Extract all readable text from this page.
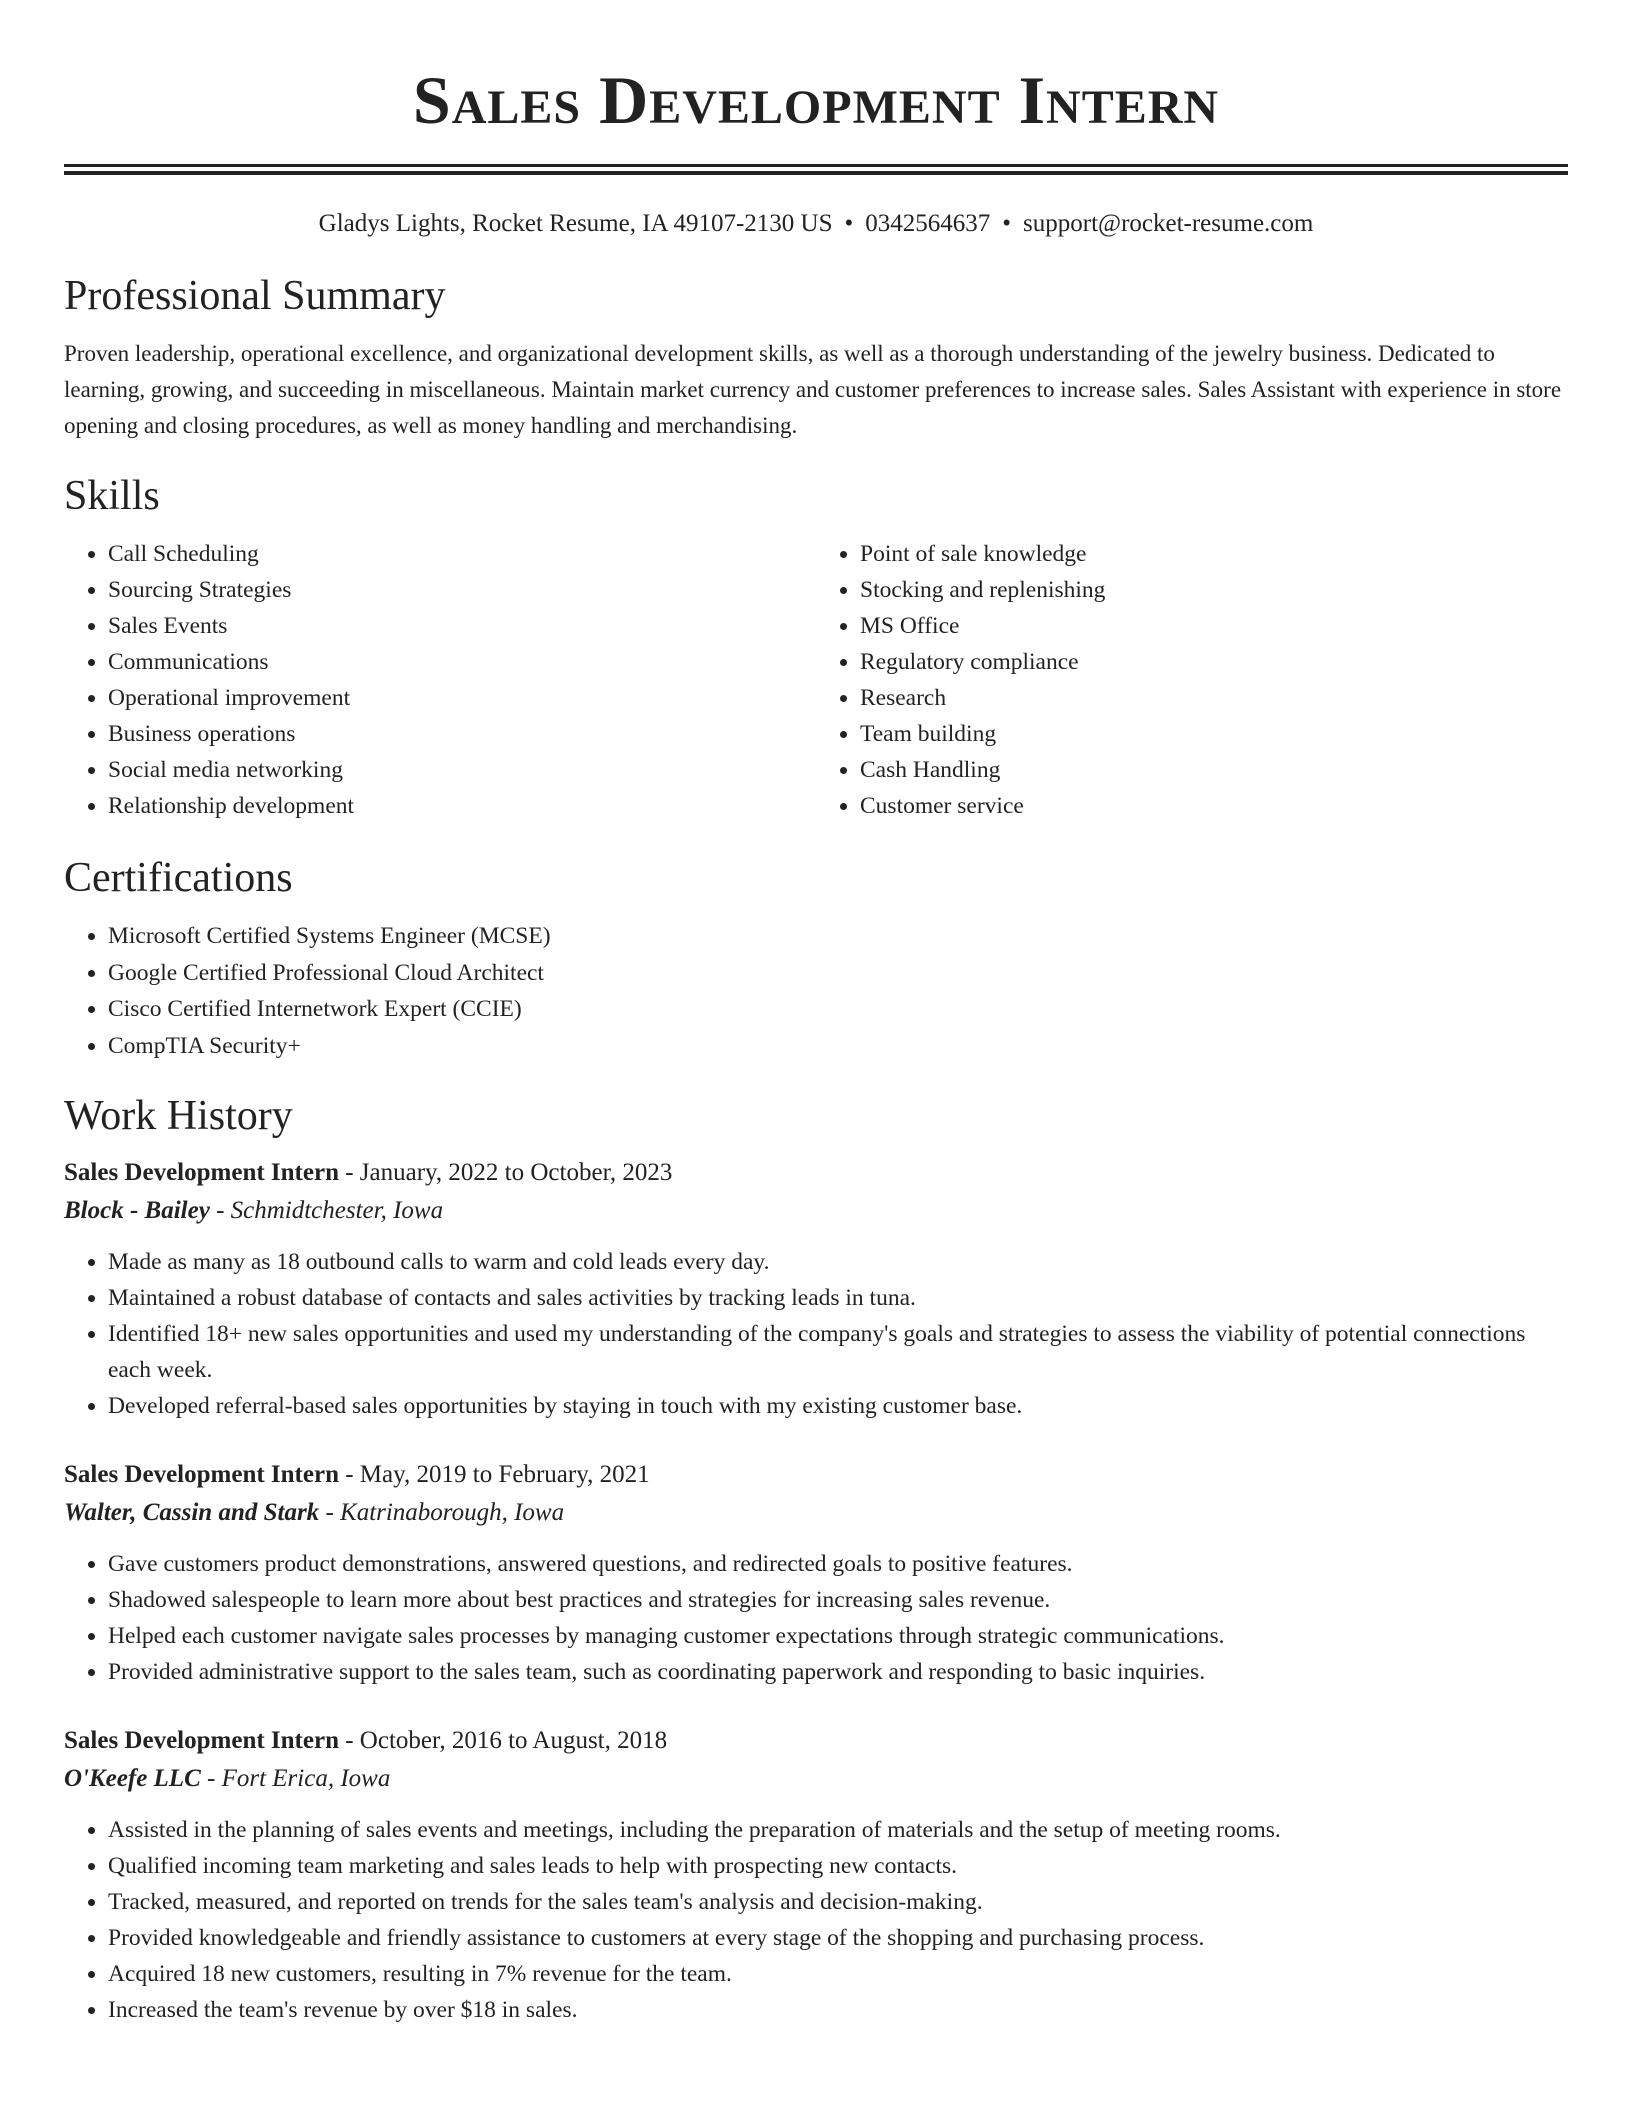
Sales Development Intern
Gladys Lights, Rocket Resume, IA 49107-2130 US • 0342564637 • support@rocket-resume.com
Professional Summary

Proven leadership, operational excellence, and organizational development skills, as well as a thorough understanding of the jewelry business. Dedicated to learning, growing, and succeeding in miscellaneous. Maintain market currency and customer preferences to increase sales. Sales Assistant with experience in store opening and closing procedures, as well as money handling and merchandising.

Skills
• Call Scheduling
• Sourcing Strategies
• Sales Events
• Communications
• Operational improvement
• Business operations
• Social media networking
• Relationship development
• Point of sale knowledge
• Stocking and replenishing
• MS Office
• Regulatory compliance
• Research
• Team building
• Cash Handling
• Customer service
Certifications
• Microsoft Certified Systems Engineer (MCSE)
• Google Certified Professional Cloud Architect
• Cisco Certified Internetwork Expert (CCIE)
• CompTIA Security+
Work History
Sales Development Intern - January, 2022 to October, 2023
Block - Bailey - Schmidtchester, Iowa
• Made as many as 18 outbound calls to warm and cold leads every day.
• Maintained a robust database of contacts and sales activities by tracking leads in tuna.
• Identified 18+ new sales opportunities and used my understanding of the company's goals and strategies to assess the viability of potential connections each week.
• Developed referral-based sales opportunities by staying in touch with my existing customer base.
Sales Development Intern - May, 2019 to February, 2021
Walter, Cassin and Stark - Katrinaborough, Iowa
• Gave customers product demonstrations, answered questions, and redirected goals to positive features.
• Shadowed salespeople to learn more about best practices and strategies for increasing sales revenue.
• Helped each customer navigate sales processes by managing customer expectations through strategic communications.
• Provided administrative support to the sales team, such as coordinating paperwork and responding to basic inquiries.
Sales Development Intern - October, 2016 to August, 2018
O'Keefe LLC - Fort Erica, Iowa
• Assisted in the planning of sales events and meetings, including the preparation of materials and the setup of meeting rooms.
• Qualified incoming team marketing and sales leads to help with prospecting new contacts.
• Tracked, measured, and reported on trends for the sales team's analysis and decision-making.
• Provided knowledgeable and friendly assistance to customers at every stage of the shopping and purchasing process.
• Acquired 18 new customers, resulting in 7% revenue for the team.
• Increased the team's revenue by over $18 in sales.
